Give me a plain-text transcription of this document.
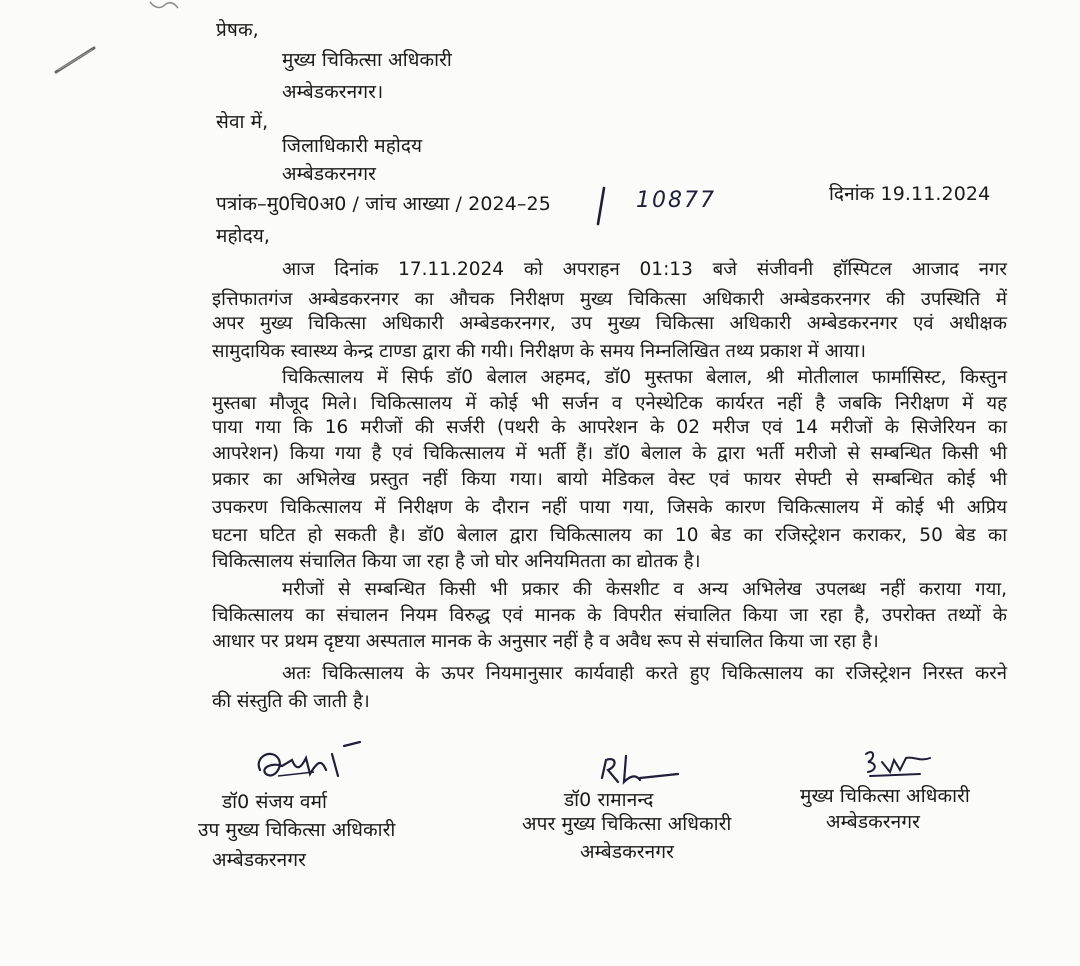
प्रेषक,
मुख्य चिकित्सा अधिकारी
अम्बेडकरनगर।
सेवा में,
जिलाधिकारी महोदय
अम्बेडकरनगर
पत्रांक–मु0चि0अ0 / जांच आख्या / 2024–25	10877	दिनांक 19.11.2024
महोदय,
आज दिनांक 17.11.2024 को अपराहन 01:13 बजे संजीवनी हॉस्पिटल आजाद नगर
इत्तिफातगंज अम्बेडकरनगर का औचक निरीक्षण मुख्य चिकित्सा अधिकारी अम्बेडकरनगर की उपस्थिति में
अपर मुख्य चिकित्सा अधिकारी अम्बेडकरनगर, उप मुख्य चिकित्सा अधिकारी अम्बेडकरनगर एवं अधीक्षक
सामुदायिक स्वास्थ्य केन्द्र टाण्डा द्वारा की गयी। निरीक्षण के समय निम्नलिखित तथ्य प्रकाश में आया।
चिकित्सालय में सिर्फ डॉ0 बेलाल अहमद, डॉ0 मुस्तफा बेलाल, श्री मोतीलाल फार्मासिस्ट, किस्तुन
मुस्तबा मौजूद मिले। चिकित्सालय में कोई भी सर्जन व एनेस्थेटिक कार्यरत नहीं है जबकि निरीक्षण में यह
पाया गया कि 16 मरीजों की सर्जरी (पथरी के आपरेशन के 02 मरीज एवं 14 मरीजों के सिजेरियन का
आपरेशन) किया गया है एवं चिकित्सालय में भर्ती हैं। डॉ0 बेलाल के द्वारा भर्ती मरीजो से सम्बन्धित किसी भी
प्रकार का अभिलेख प्रस्तुत नहीं किया गया। बायो मेडिकल वेस्ट एवं फायर सेफ्टी से सम्बन्धित कोई भी
उपकरण चिकित्सालय में निरीक्षण के दौरान नहीं पाया गया, जिसके कारण चिकित्सालय में कोई भी अप्रिय
घटना घटित हो सकती है। डॉ0 बेलाल द्वारा चिकित्सालय का 10 बेड का रजिस्ट्रेशन कराकर, 50 बेड का
चिकित्सालय संचालित किया जा रहा है जो घोर अनियमितता का द्योतक है।
मरीजों से सम्बन्धित किसी भी प्रकार की केसशीट व अन्य अभिलेख उपलब्ध नहीं कराया गया,
चिकित्सालय का संचालन नियम विरुद्ध एवं मानक के विपरीत संचालित किया जा रहा है, उपरोक्त तथ्यों के
आधार पर प्रथम दृष्टया अस्पताल मानक के अनुसार नहीं है व अवैध रूप से संचालित किया जा रहा है।
अतः चिकित्सालय के ऊपर नियमानुसार कार्यवाही करते हुए चिकित्सालय का रजिस्ट्रेशन निरस्त करने
की संस्तुति की जाती है।
डॉ0 संजय वर्मा
उप मुख्य चिकित्सा अधिकारी
अम्बेडकरनगर
डॉ0 रामानन्द
अपर मुख्य चिकित्सा अधिकारी
अम्बेडकरनगर
मुख्य चिकित्सा अधिकारी
अम्बेडकरनगर
